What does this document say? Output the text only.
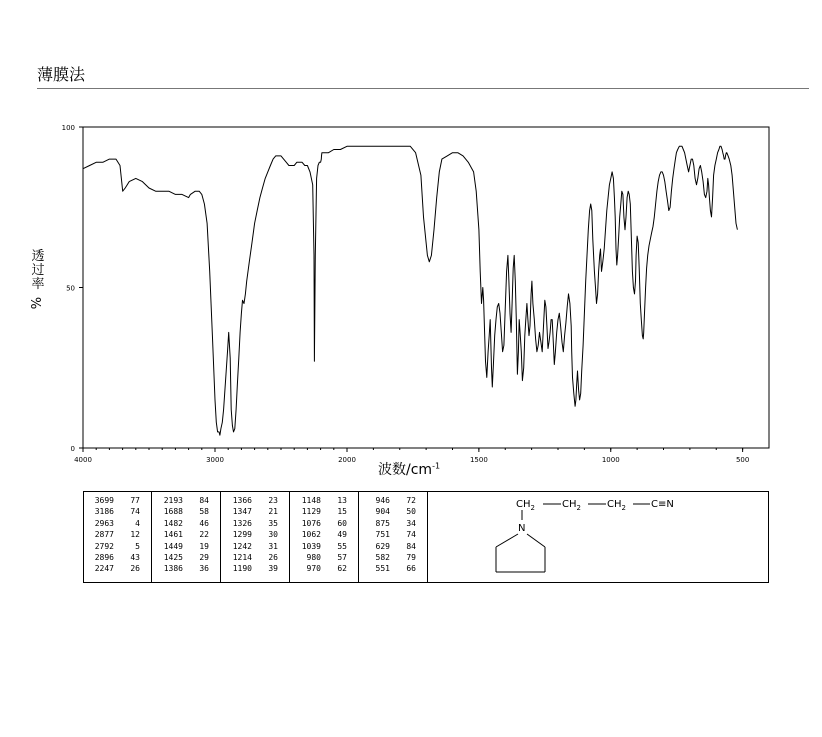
薄膜法
4000	3000	2000	1500	1000	500
0
50
100
透
过
率
%
波数$/cm^{-1}$
3699	77
3186	74
2963	4
2877	12
2792	5
2896	43
2247	26
2193	84
1688	58
1482	46
1461	22
1449	19
1425	29
1386	36
1366	23
1347	21
1326	35
1299	30
1242	31
1214	26
1190	39
1148	13
1129	15
1076	60
1062	49
1039	55
980	57
970	62
946	72
904	50
875	34
751	74
629	84
582	79
551	66
$CH_2$	$CH_2$	$CH_2$	C≡N
N
